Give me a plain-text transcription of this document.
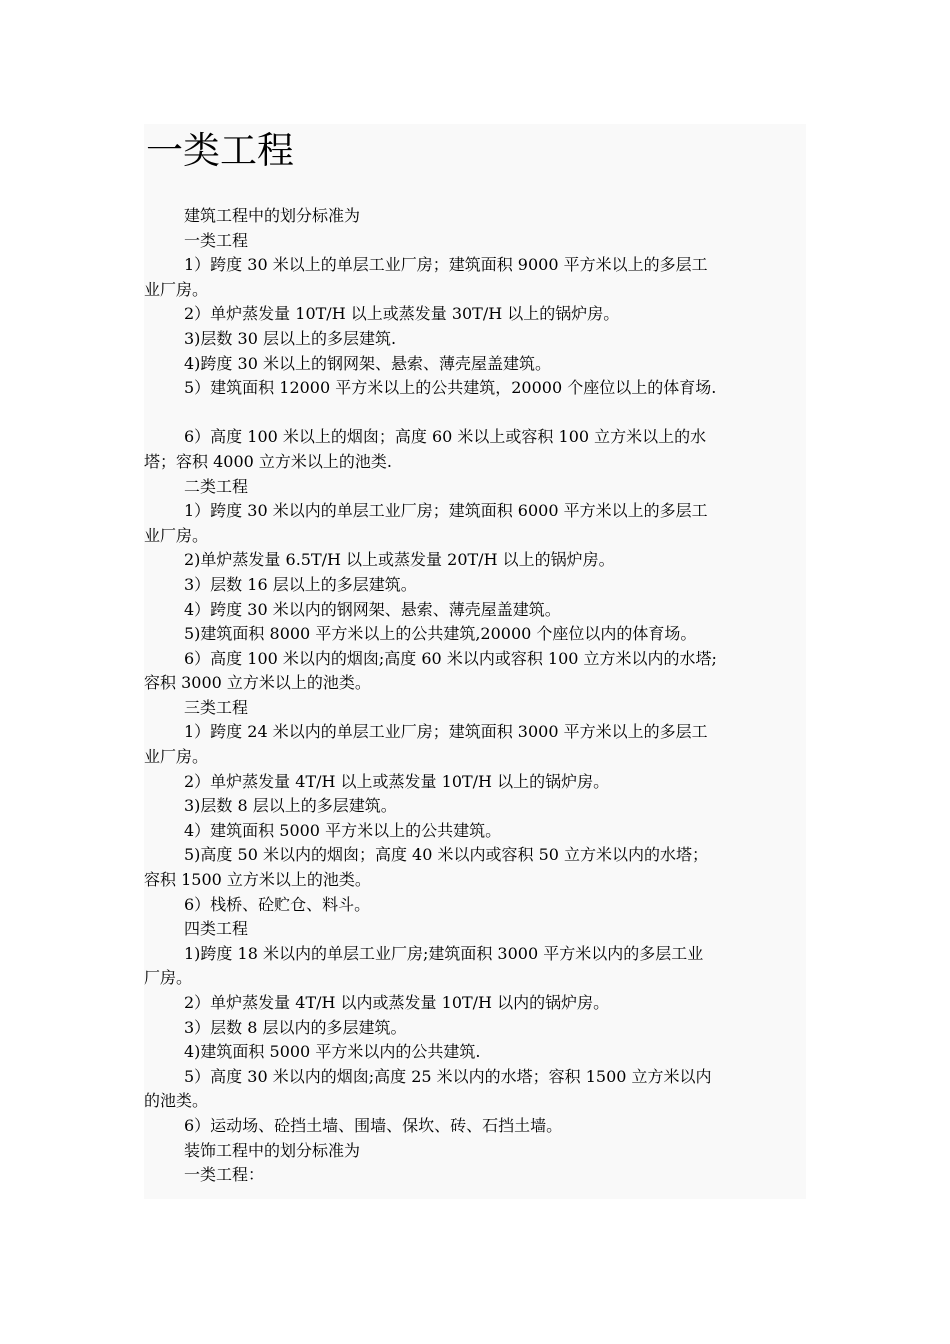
一类工程
建筑工程中的划分标准为
一类工程
1）跨度 30 米以上的单层工业厂房；建筑面积 9000 平方米以上的多层工
业厂房。
2）单炉蒸发量 10T/H 以上或蒸发量 30T/H 以上的锅炉房。
3)层数 30 层以上的多层建筑.
4)跨度 30 米以上的钢网架、悬索、薄壳屋盖建筑。
5）建筑面积 12000 平方米以上的公共建筑，20000 个座位以上的体育场.
6）高度 100 米以上的烟囱；高度 60 米以上或容积 100 立方米以上的水
塔；容积 4000 立方米以上的池类.
二类工程
1）跨度 30 米以内的单层工业厂房；建筑面积 6000 平方米以上的多层工
业厂房。
2)单炉蒸发量 6.5T/H 以上或蒸发量 20T/H 以上的锅炉房。
3）层数 16 层以上的多层建筑。
4）跨度 30 米以内的钢网架、悬索、薄壳屋盖建筑。
5)建筑面积 8000 平方米以上的公共建筑,20000 个座位以内的体育场。
6）高度 100 米以内的烟囱;高度 60 米以内或容积 100 立方米以内的水塔;
容积 3000 立方米以上的池类。
三类工程
1）跨度 24 米以内的单层工业厂房；建筑面积 3000 平方米以上的多层工
业厂房。
2）单炉蒸发量 4T/H 以上或蒸发量 10T/H 以上的锅炉房。
3)层数 8 层以上的多层建筑。
4）建筑面积 5000 平方米以上的公共建筑。
5)高度 50 米以内的烟囱；高度 40 米以内或容积 50 立方米以内的水塔；
容积 1500 立方米以上的池类。
6）栈桥、砼贮仓、料斗。
四类工程
1)跨度 18 米以内的单层工业厂房;建筑面积 3000 平方米以内的多层工业
厂房。
2）单炉蒸发量 4T/H 以内或蒸发量 10T/H 以内的锅炉房。
3）层数 8 层以内的多层建筑。
4)建筑面积 5000 平方米以内的公共建筑.
5）高度 30 米以内的烟囱;高度 25 米以内的水塔；容积 1500 立方米以内
的池类。
6）运动场、砼挡土墙、围墙、保坎、砖、石挡土墙。
装饰工程中的划分标准为
一类工程：
